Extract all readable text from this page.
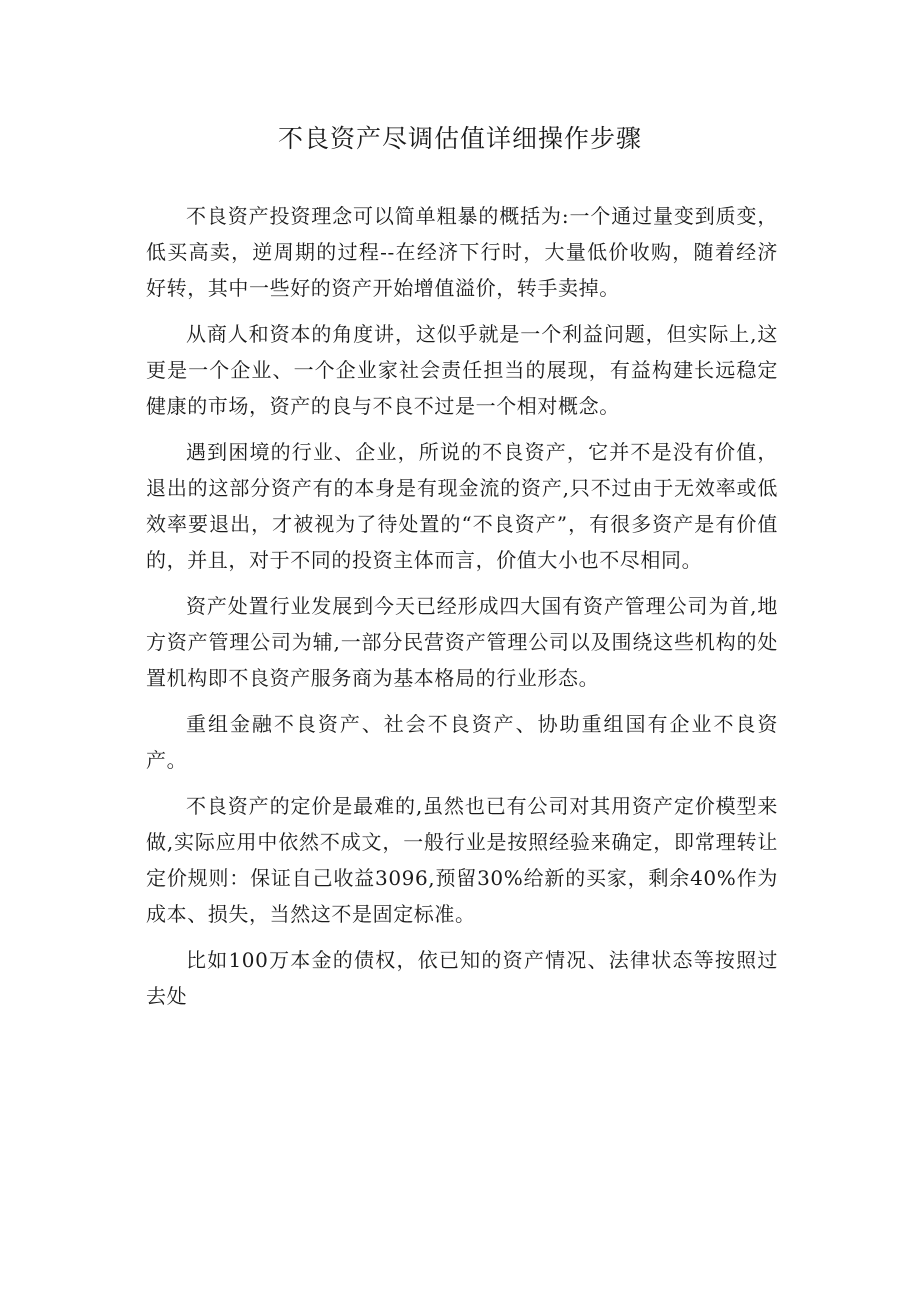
不良资产尽调估值详细操作步骤

不良资产投资理念可以简单粗暴的概括为:一个通过量变到质变，低买高卖，逆周期的过程--在经济下行时，大量低价收购，随着经济好转，其中一些好的资产开始增值溢价，转手卖掉。

从商人和资本的角度讲，这似乎就是一个利益问题，但实际上,这更是一个企业、一个企业家社会责任担当的展现，有益构建长远稳定健康的市场，资产的良与不良不过是一个相对概念。

遇到困境的行业、企业，所说的不良资产，它并不是没有价值，退出的这部分资产有的本身是有现金流的资产,只不过由于无效率或低效率要退出，才被视为了待处置的“不良资产”，有很多资产是有价值的，并且，对于不同的投资主体而言，价值大小也不尽相同。

资产处置行业发展到今天已经形成四大国有资产管理公司为首,地方资产管理公司为辅,一部分民营资产管理公司以及围绕这些机构的处置机构即不良资产服务商为基本格局的行业形态。

重组金融不良资产、社会不良资产、协助重组国有企业不良资产。

不良资产的定价是最难的,虽然也已有公司对其用资产定价模型来做,实际应用中依然不成文，一般行业是按照经验来确定，即常理转让定价规则：保证自己收益3096,预留30%给新的买家，剩余40%作为成本、损失，当然这不是固定标准。

比如100万本金的债权，依已知的资产情况、法律状态等按照过去处
